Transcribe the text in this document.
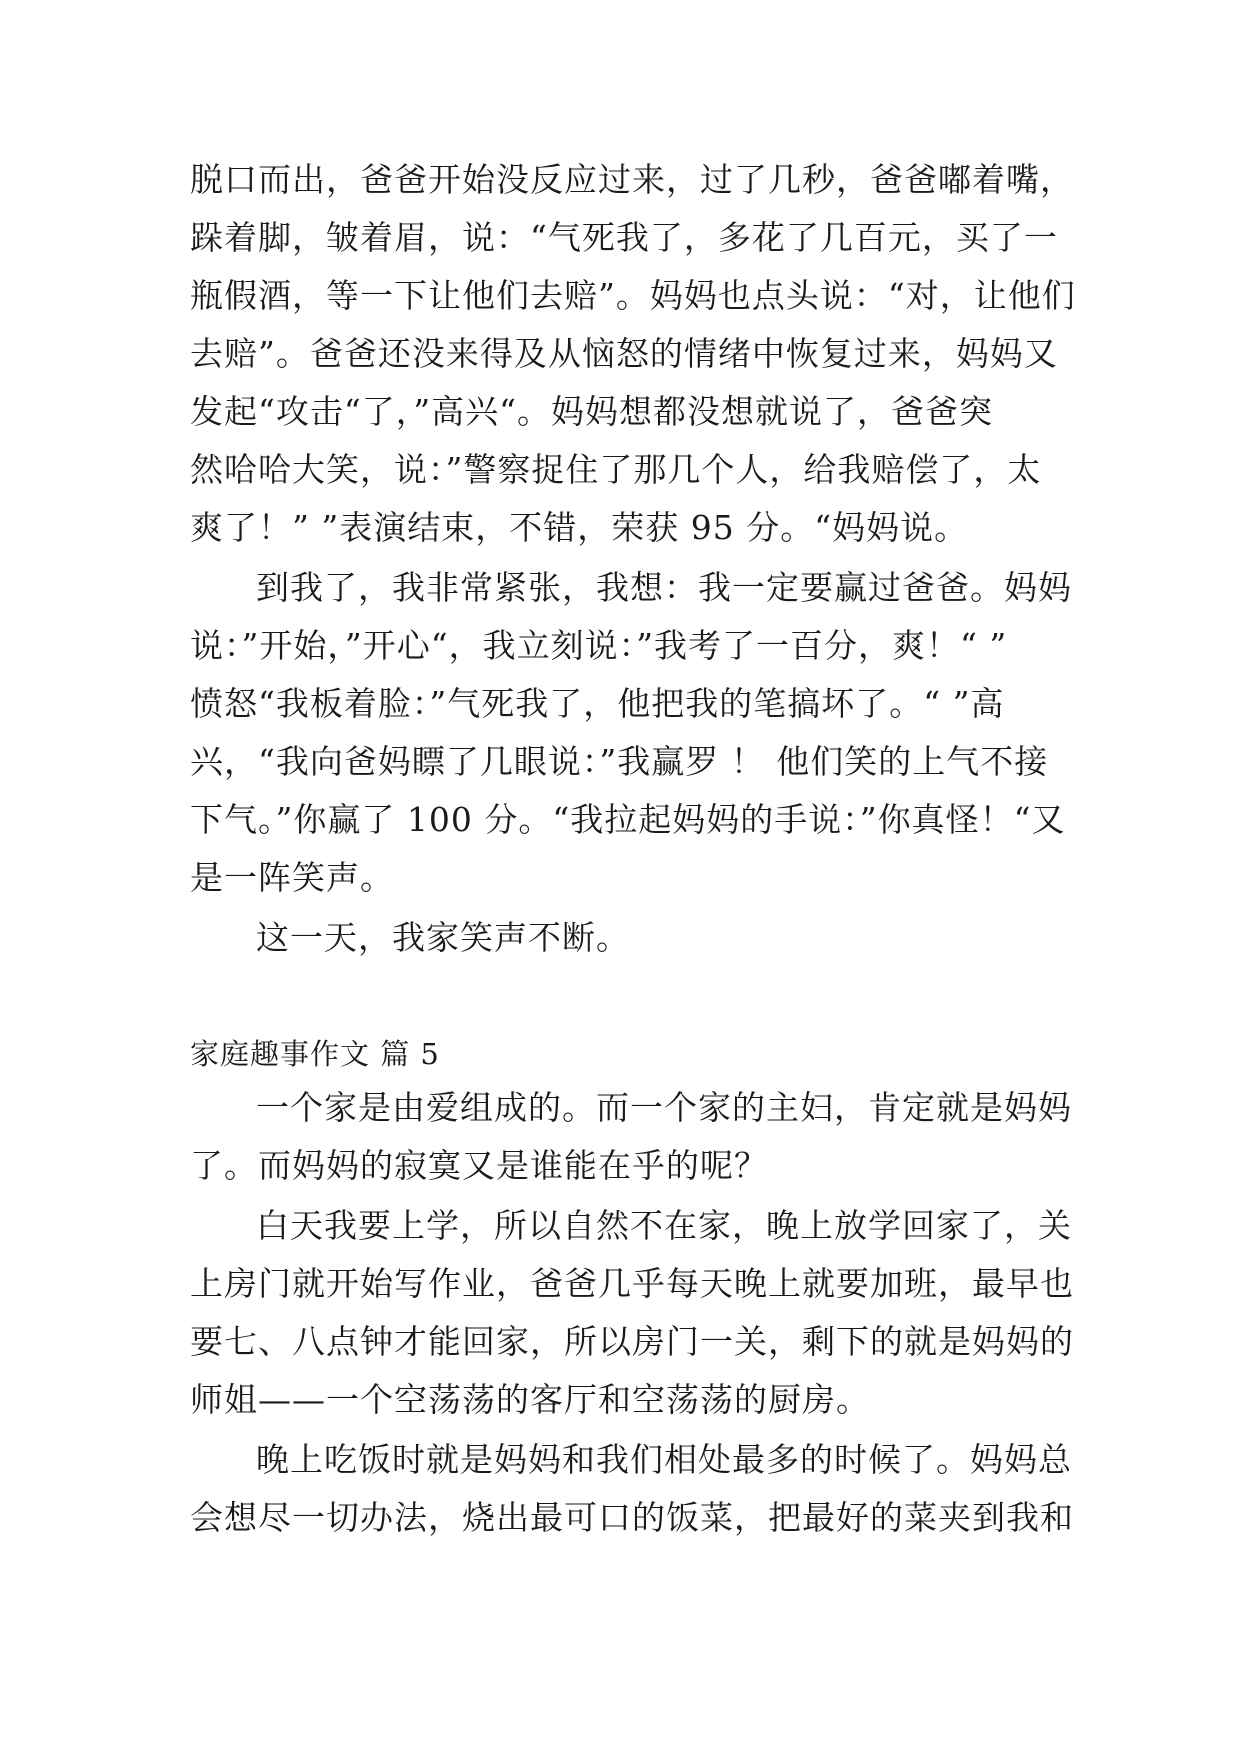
脱口而出，爸爸开始没反应过来，过了几秒，爸爸嘟着嘴，
跺着脚，皱着眉，说：“气死我了，多花了几百元，买了一
瓶假酒，等一下让他们去赔”。妈妈也点头说：“对，让他们
去赔”。爸爸还没来得及从恼怒的情绪中恢复过来，妈妈又
发起“攻击“了，”高兴“。妈妈想都没想就说了，爸爸突
然哈哈大笑，说：”警察捉住了那几个人，给我赔偿了，太
爽了！” ”表演结束，不错，荣获 95 分。“妈妈说。
到我了，我非常紧张，我想：我一定要赢过爸爸。妈妈
说：”开始，”开心“，我立刻说：”我考了一百分，爽！“ ”
愤怒“我板着脸：”气死我了，他把我的笔搞坏了。“ ”高
兴，“我向爸妈瞟了几眼说：”我赢罗 ！ 他们笑的上气不接
下气。”你赢了 100 分。“我拉起妈妈的手说：”你真怪！“又
是一阵笑声。
这一天，我家笑声不断。
家庭趣事作文 篇 5
一个家是由爱组成的。而一个家的主妇，肯定就是妈妈
了。而妈妈的寂寞又是谁能在乎的呢？
白天我要上学，所以自然不在家，晚上放学回家了，关
上房门就开始写作业，爸爸几乎每天晚上就要加班，最早也
要七、八点钟才能回家，所以房门一关，剩下的就是妈妈的
师姐——一个空荡荡的客厅和空荡荡的厨房。
晚上吃饭时就是妈妈和我们相处最多的时候了。妈妈总
会想尽一切办法，烧出最可口的饭菜，把最好的菜夹到我和
